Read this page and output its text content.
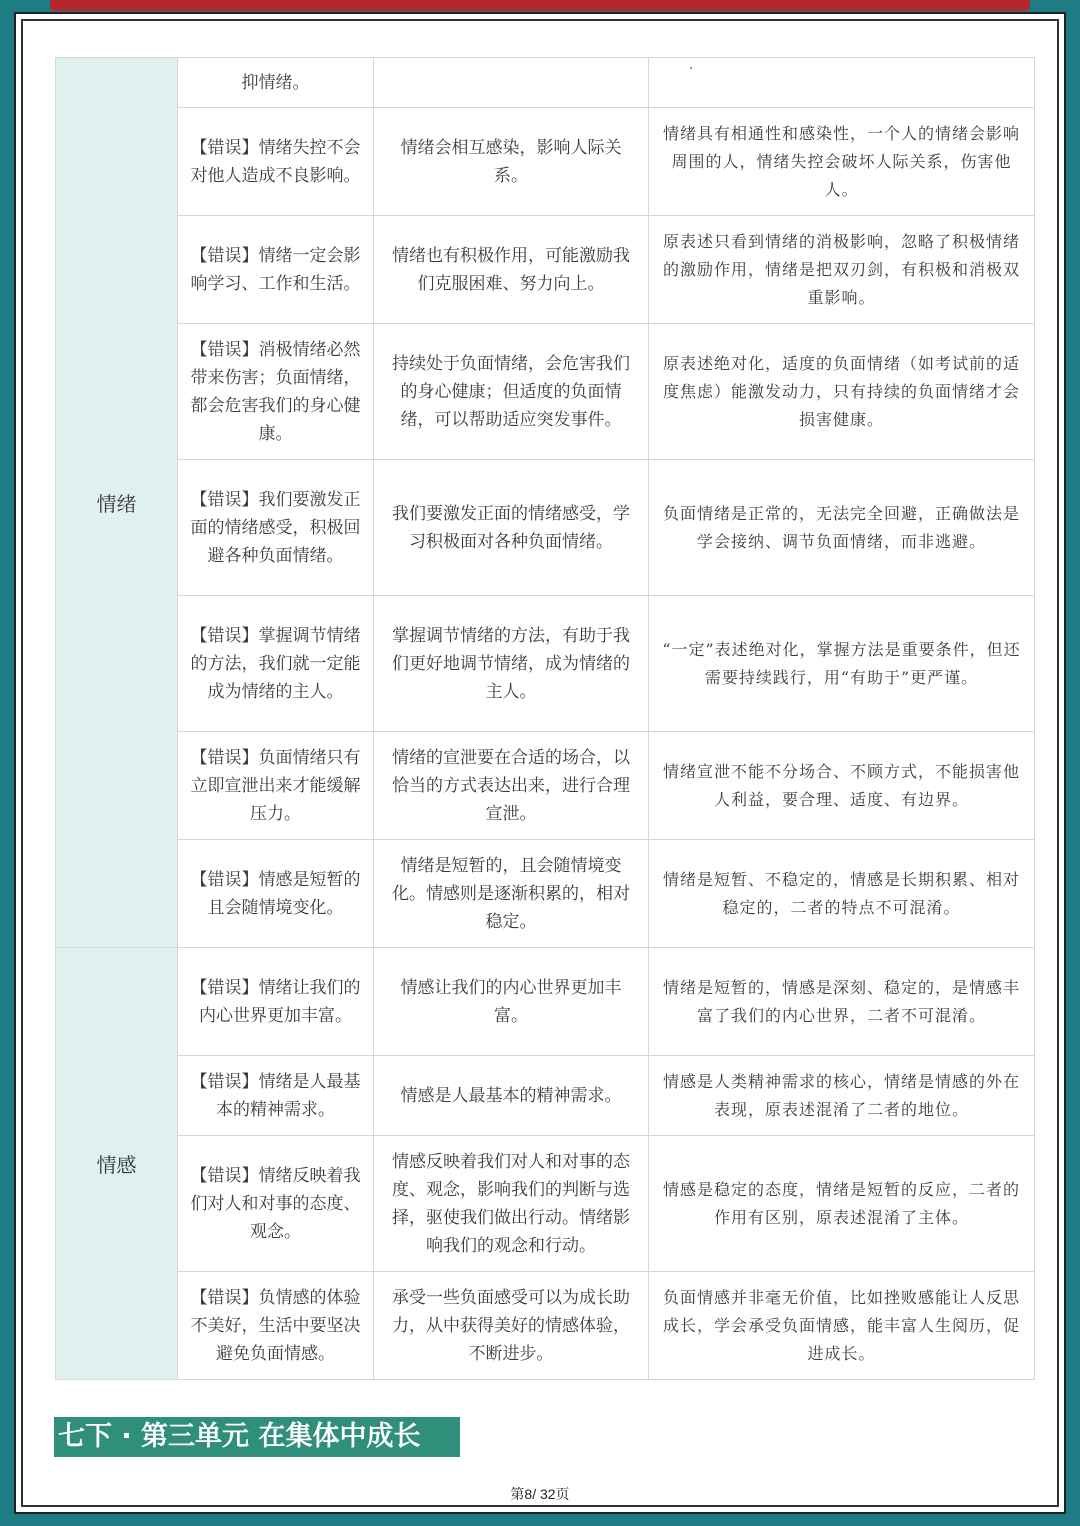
情绪	抑情绪。		
	【错误】情绪失控不会对他人造成不良影响。	情绪会相互感染，影响人际关系。	情绪具有相通性和感染性，一个人的情绪会影响周围的人，情绪失控会破坏人际关系，伤害他人。
	【错误】情绪一定会影响学习、工作和生活。	情绪也有积极作用，可能激励我们克服困难、努力向上。	原表述只看到情绪的消极影响，忽略了积极情绪的激励作用，情绪是把双刃剑，有积极和消极双重影响。
	【错误】消极情绪必然带来伤害；负面情绪，都会危害我们的身心健康。	持续处于负面情绪，会危害我们的身心健康；但适度的负面情绪，可以帮助适应突发事件。	原表述绝对化，适度的负面情绪（如考试前的适度焦虑）能激发动力，只有持续的负面情绪才会损害健康。
	【错误】我们要激发正面的情绪感受，积极回避各种负面情绪。	我们要激发正面的情绪感受，学习积极面对各种负面情绪。	负面情绪是正常的，无法完全回避，正确做法是学会接纳、调节负面情绪，而非逃避。
	【错误】掌握调节情绪的方法，我们就一定能成为情绪的主人。	掌握调节情绪的方法，有助于我们更好地调节情绪，成为情绪的主人。	“一定”表述绝对化，掌握方法是重要条件，但还需要持续践行，用“有助于”更严谨。
	【错误】负面情绪只有立即宣泄出来才能缓解压力。	情绪的宣泄要在合适的场合，以恰当的方式表达出来，进行合理宣泄。	情绪宣泄不能不分场合、不顾方式，不能损害他人利益，要合理、适度、有边界。
	【错误】情感是短暂的且会随情境变化。	情绪是短暂的，且会随情境变化。情感则是逐渐积累的，相对稳定。	情绪是短暂、不稳定的，情感是长期积累、相对稳定的，二者的特点不可混淆。
情感	【错误】情绪让我们的内心世界更加丰富。	情感让我们的内心世界更加丰富。	情绪是短暂的，情感是深刻、稳定的，是情感丰富了我们的内心世界，二者不可混淆。
	【错误】情绪是人最基本的精神需求。	情感是人最基本的精神需求。	情感是人类精神需求的核心，情绪是情感的外在表现，原表述混淆了二者的地位。
	【错误】情绪反映着我们对人和对事的态度、观念。	情感反映着我们对人和对事的态度、观念，影响我们的判断与选择，驱使我们做出行动。情绪影响我们的观念和行动。	情感是稳定的态度，情绪是短暂的反应，二者的作用有区别，原表述混淆了主体。
	【错误】负情感的体验不美好，生活中要坚决避免负面情感。	承受一些负面感受可以为成长助力，从中获得美好的情感体验，不断进步。	负面情感并非毫无价值，比如挫败感能让人反思成长，学会承受负面情感，能丰富人生阅历，促进成长。
七下 · 第三单元 在集体中成长
第8/ 32页
